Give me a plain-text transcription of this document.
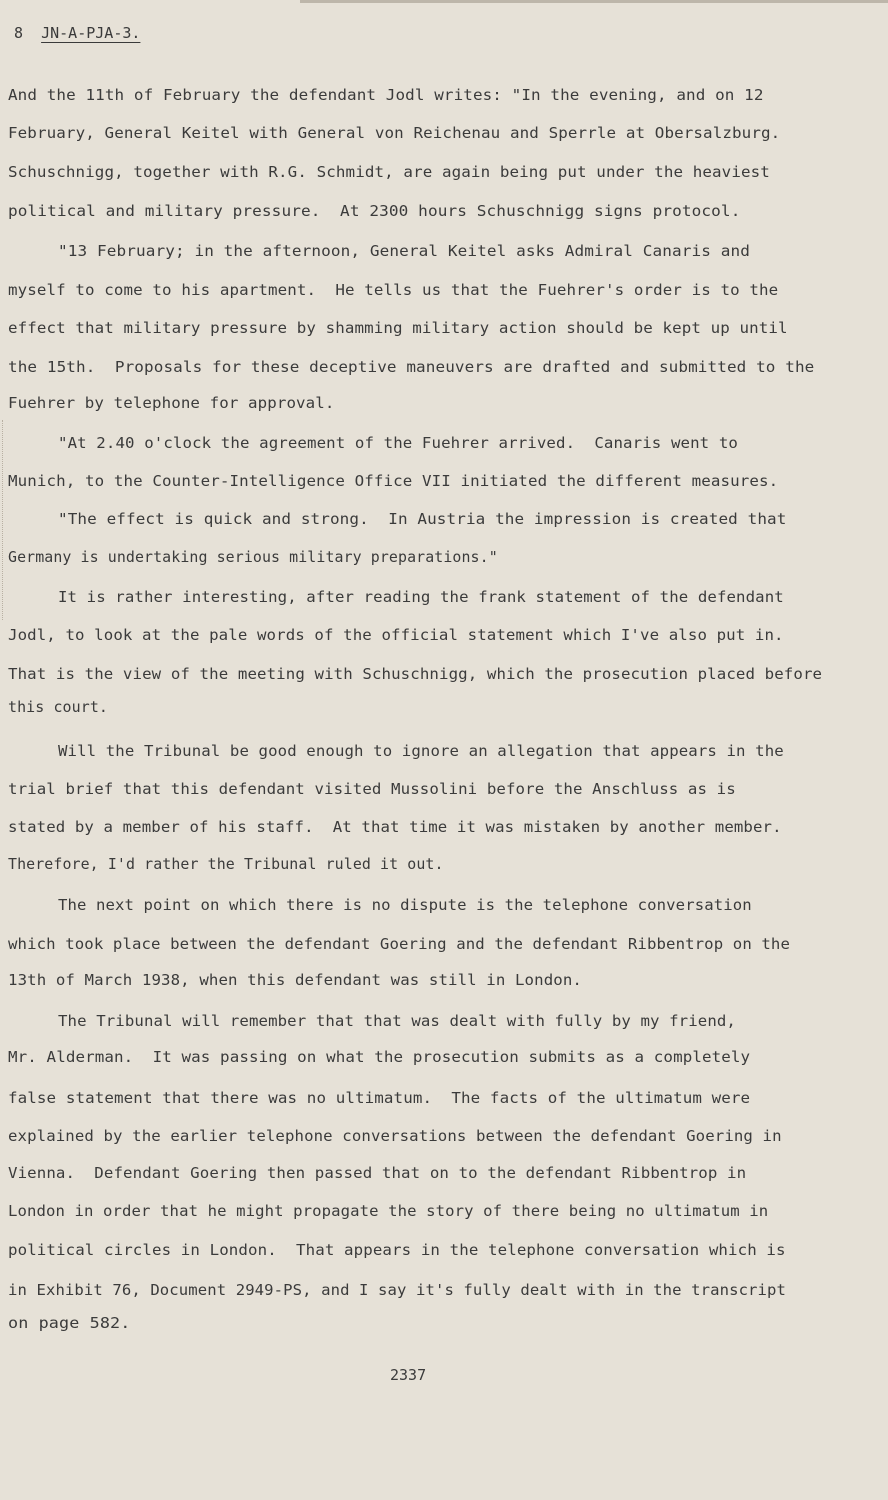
8 JN-A-PJA-3.
And the 11th of February the defendant Jodl writes: "In the evening, and on 12
February, General Keitel with General von Reichenau and Sperrle at Obersalzburg.
Schuschnigg, together with R.G. Schmidt, are again being put under the heaviest
political and military pressure.  At 2300 hours Schuschnigg signs protocol.
"13 February; in the afternoon, General Keitel asks Admiral Canaris and
myself to come to his apartment.  He tells us that the Fuehrer's order is to the
effect that military pressure by shamming military action should be kept up until
the 15th.  Proposals for these deceptive maneuvers are drafted and submitted to the
Fuehrer by telephone for approval.
"At 2.40 o'clock the agreement of the Fuehrer arrived.  Canaris went to
Munich, to the Counter-Intelligence Office VII initiated the different measures.
"The effect is quick and strong.  In Austria the impression is created that
Germany is undertaking serious military preparations."
It is rather interesting, after reading the frank statement of the defendant
Jodl, to look at the pale words of the official statement which I've also put in.
That is the view of the meeting with Schuschnigg, which the prosecution placed before
this court.
Will the Tribunal be good enough to ignore an allegation that appears in the
trial brief that this defendant visited Mussolini before the Anschluss as is
stated by a member of his staff.  At that time it was mistaken by another member.
Therefore, I'd rather the Tribunal ruled it out.
The next point on which there is no dispute is the telephone conversation
which took place between the defendant Goering and the defendant Ribbentrop on the
13th of March 1938, when this defendant was still in London.
The Tribunal will remember that that was dealt with fully by my friend,
Mr. Alderman.  It was passing on what the prosecution submits as a completely
false statement that there was no ultimatum.  The facts of the ultimatum were
explained by the earlier telephone conversations between the defendant Goering in
Vienna.  Defendant Goering then passed that on to the defendant Ribbentrop in
London in order that he might propagate the story of there being no ultimatum in
political circles in London.  That appears in the telephone conversation which is
in Exhibit 76, Document 2949-PS, and I say it's fully dealt with in the transcript
on page 582.
2337
